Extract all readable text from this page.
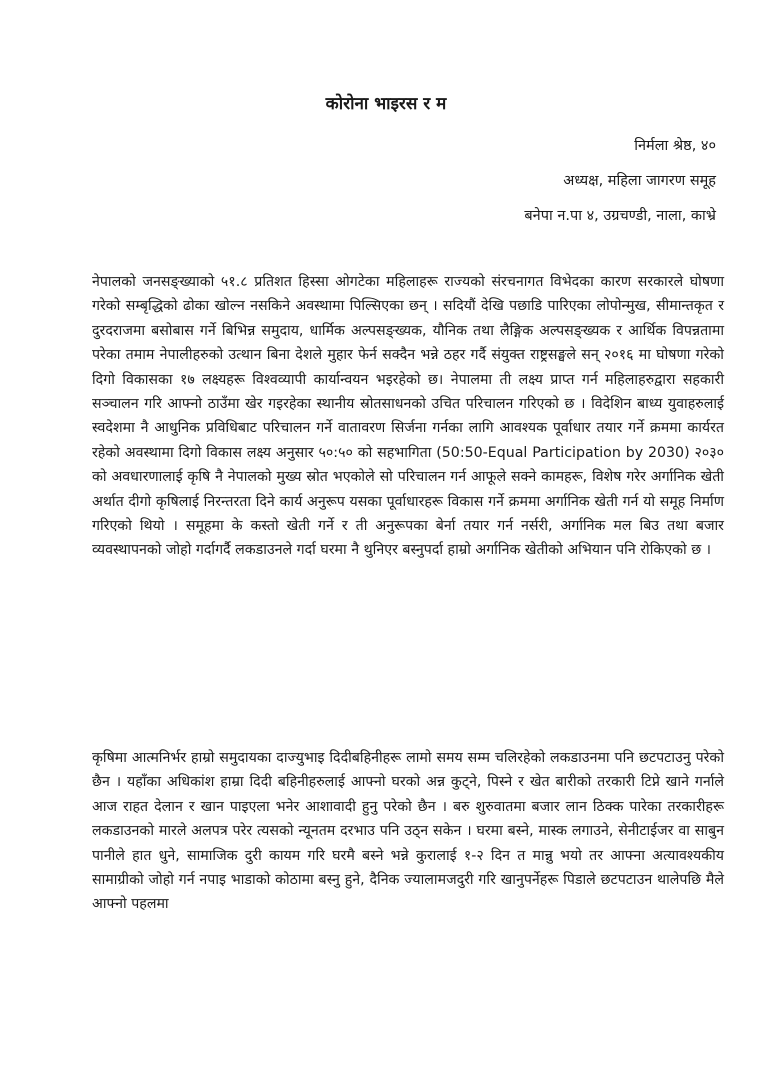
कोरोना भाइरस र म
निर्मला श्रेष्ठ, ४०
अध्यक्ष, महिला जागरण समूह
बनेपा न.पा ४, उग्रचण्डी, नाला, काभ्रे

नेपालको जनसङ्ख्याको ५१.८ प्रतिशत हिस्सा ओगटेका महिलाहरू राज्यको संरचनागत विभेदका कारण सरकारले घोषणा गरेको सम्बृद्धिको ढोका खोल्न नसकिने अवस्थामा पिल्सिएका छन् । सदियौं देखि पछाडि पारिएका लोपोन्मुख, सीमान्तकृत र दुरदराजमा बसोबास गर्ने बिभिन्न समुदाय, धार्मिक अल्पसङ्ख्यक, यौनिक तथा लैङ्गिक अल्पसङ्ख्यक र आर्थिक विपन्नतामा परेका तमाम नेपालीहरुको उत्थान बिना देशले मुहार फेर्न सक्दैन भन्ने ठहर गर्दै संयुक्त राष्ट्रसङ्घले सन् २०१६ मा घोषणा गरेको दिगो विकासका १७ लक्ष्यहरू विश्वव्यापी कार्यान्वयन भइरहेको छ। नेपालमा ती लक्ष्य प्राप्त गर्न महिलाहरुद्वारा सहकारी सञ्चालन गरि आफ्नो ठाउँमा खेर गइरहेका स्थानीय स्रोतसाधनको उचित परिचालन गरिएको छ । विदेशिन बाध्य युवाहरुलाई स्वदेशमा नै आधुनिक प्रविधिबाट परिचालन गर्ने वातावरण सिर्जना गर्नका लागि आवश्यक पूर्वाधार तयार गर्ने क्रममा कार्यरत रहेको अवस्थामा दिगो विकास लक्ष्य अनुसार ५०:५० को सहभागिता (50:50-Equal Participation by 2030) २०३० को अवधारणालाई कृषि नै नेपालको मुख्य स्रोत भएकोले सो परिचालन गर्न आफूले सक्ने कामहरू, विशेष गरेर अर्गानिक खेती अर्थात दीगो कृषिलाई निरन्तरता दिने कार्य अनुरूप यसका पूर्वाधारहरू विकास गर्ने क्रममा अर्गानिक खेती गर्न यो समूह निर्माण गरिएको थियो । समूहमा के कस्तो खेती गर्ने र ती अनुरूपका बेर्ना तयार गर्न नर्सरी, अर्गानिक मल बिउ तथा बजार व्यवस्थापनको जोहो गर्दागर्दै लकडाउनले गर्दा घरमा नै थुनिएर बस्नुपर्दा हाम्रो अर्गानिक खेतीको अभियान पनि रोकिएको छ ।

कृषिमा आत्मनिर्भर हाम्रो समुदायका दाज्युभाइ दिदीबहिनीहरू लामो समय सम्म चलिरहेको लकडाउनमा पनि छटपटाउनु परेको छैन । यहाँका अधिकांश हाम्रा दिदी बहिनीहरुलाई आफ्नो घरको अन्न कुट्ने, पिस्ने र खेत बारीको तरकारी टिप्ने खाने गर्नाले आज राहत देलान र खान पाइएला भनेर आशावादी हुनु परेको छैन । बरु शुरुवातमा बजार लान ठिक्क पारेका तरकारीहरू लकडाउनको मारले अलपत्र परेर त्यसको न्यूनतम दरभाउ पनि उठ्न सकेन । घरमा बस्ने, मास्क लगाउने, सेनीटाईजर वा साबुन पानीले हात धुने, सामाजिक दुरी कायम गरि घरमै बस्ने भन्ने कुरालाई १-२ दिन त मान्नु भयो तर आफ्ना अत्यावश्यकीय सामाग्रीको जोहो गर्न नपाइ भाडाको कोठामा बस्नु हुने, दैनिक ज्यालामजदुरी गरि खानुपर्नेहरू पिडाले छटपटाउन थालेपछि मैले आफ्नो पहलमा
